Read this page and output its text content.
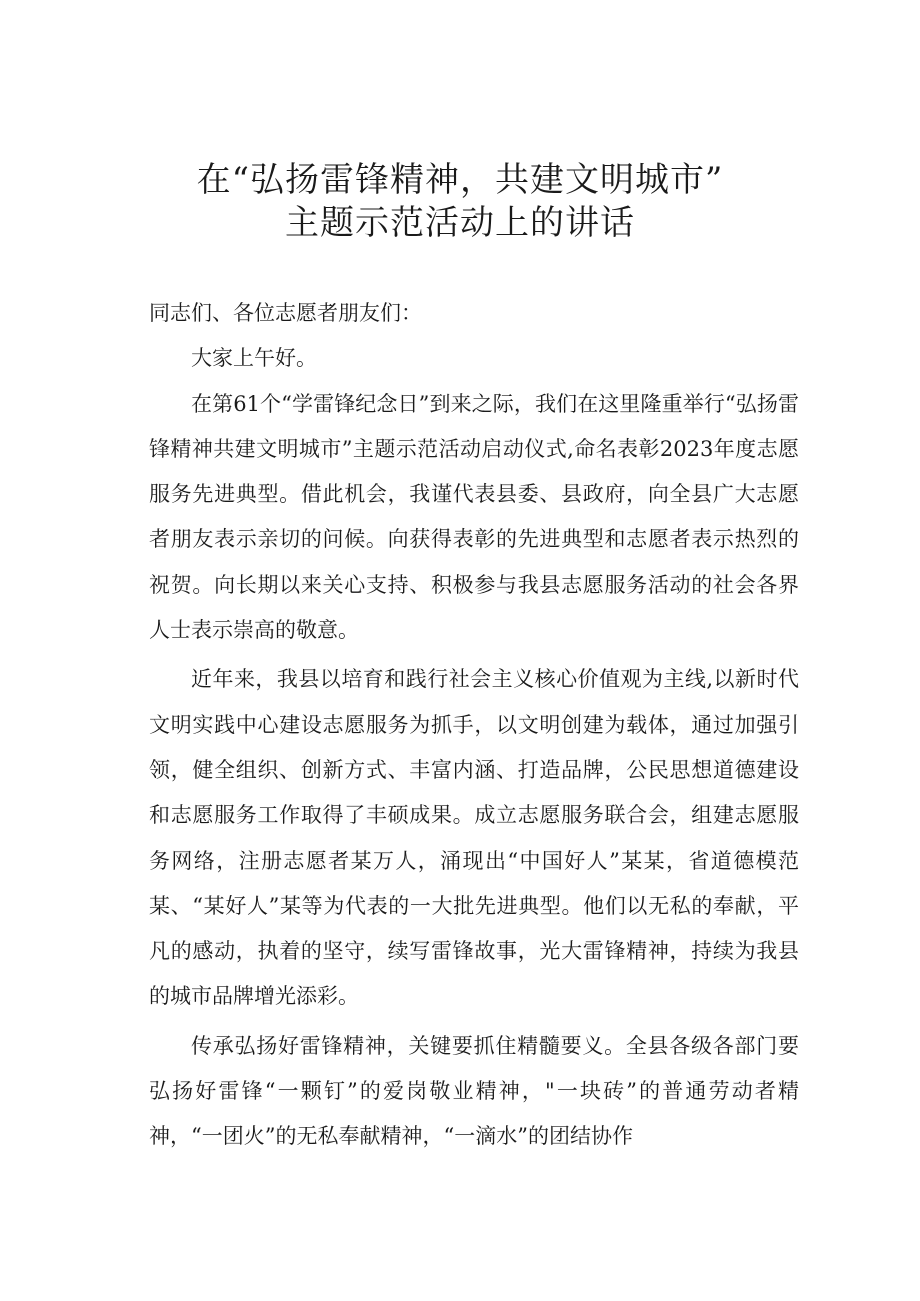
在“弘扬雷锋精神，共建文明城市”
主题示范活动上的讲话

同志们、各位志愿者朋友们：

大家上午好。

在第61个“学雷锋纪念日”到来之际，我们在这里隆重举行“弘扬雷锋精神共建文明城市”主题示范活动启动仪式,命名表彰2023年度志愿服务先进典型。借此机会，我谨代表县委、县政府，向全县广大志愿者朋友表示亲切的问候。向获得表彰的先进典型和志愿者表示热烈的祝贺。向长期以来关心支持、积极参与我县志愿服务活动的社会各界人士表示崇高的敬意。

近年来，我县以培育和践行社会主义核心价值观为主线,以新时代文明实践中心建设志愿服务为抓手，以文明创建为载体，通过加强引领，健全组织、创新方式、丰富内涵、打造品牌，公民思想道德建设和志愿服务工作取得了丰硕成果。成立志愿服务联合会，组建志愿服务网络，注册志愿者某万人，涌现出“中国好人”某某，省道德模范某、“某好人”某等为代表的一大批先进典型。他们以无私的奉献，平凡的感动，执着的坚守，续写雷锋故事，光大雷锋精神，持续为我县的城市品牌增光添彩。

传承弘扬好雷锋精神，关键要抓住精髓要义。全县各级各部门要弘扬好雷锋“一颗钉”的爱岗敬业精神，"一块砖”的普通劳动者精神，“一团火”的无私奉献精神，“一滴水”的团结协作
